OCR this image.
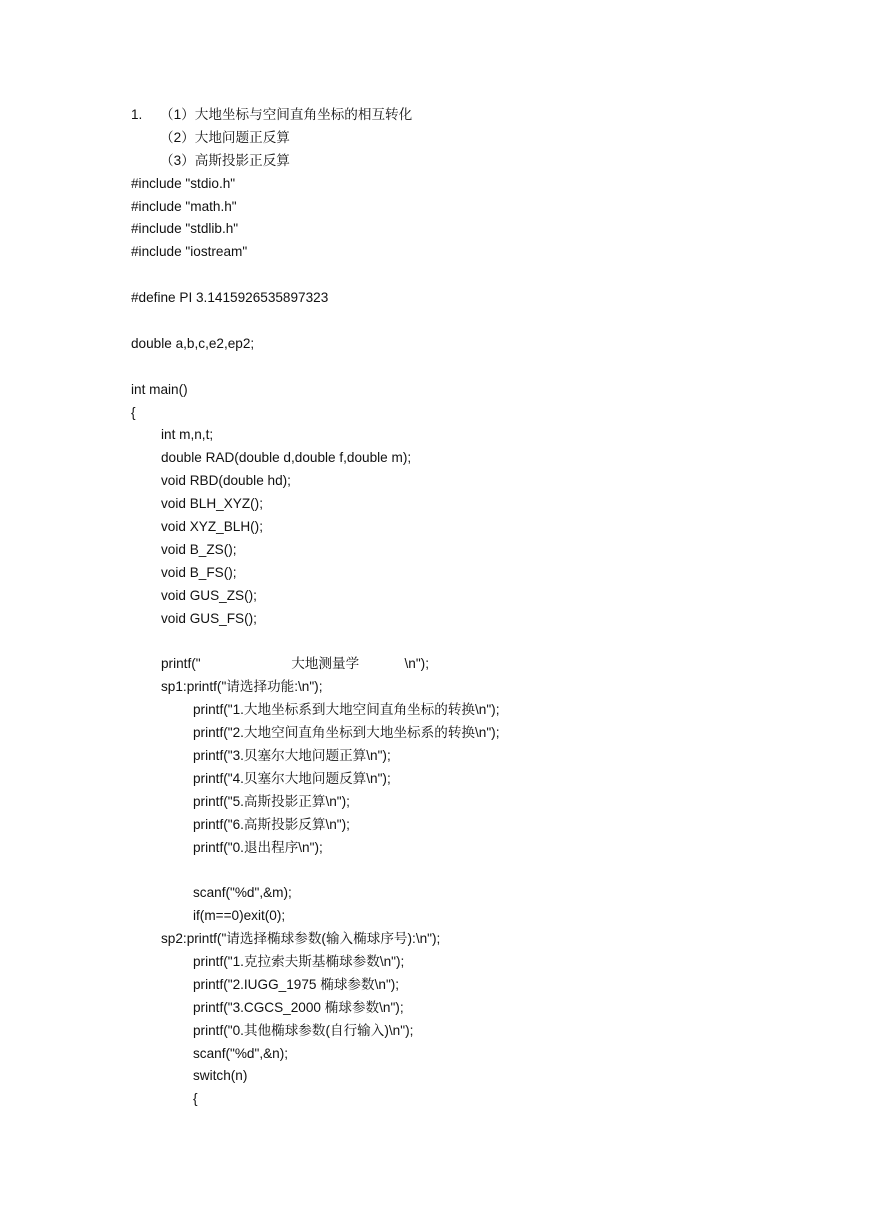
1.	（1）大地坐标与空间直角坐标的相互转化
（2）大地问题正反算
（3）高斯投影正反算
#include "stdio.h"
#include "math.h"
#include "stdlib.h"
#include "iostream"
#define PI 3.1415926535897323
double a,b,c,e2,ep2;
int main()
{
int m,n,t;
double RAD(double d,double f,double m);
void RBD(double hd);
void BLH_XYZ();
void XYZ_BLH();
void B_ZS();
void B_FS();
void GUS_ZS();
void GUS_FS();
printf("                        大地测量学            \n");
sp1:printf("请选择功能:\n");
printf("1.大地坐标系到大地空间直角坐标的转换\n");
printf("2.大地空间直角坐标到大地坐标系的转换\n");
printf("3.贝塞尔大地问题正算\n");
printf("4.贝塞尔大地问题反算\n");
printf("5.高斯投影正算\n");
printf("6.高斯投影反算\n");
printf("0.退出程序\n");
scanf("%d",&m);
if(m==0)exit(0);
sp2:printf("请选择椭球参数(输入椭球序号):\n");
printf("1.克拉索夫斯基椭球参数\n");
printf("2.IUGG_1975 椭球参数\n");
printf("3.CGCS_2000 椭球参数\n");
printf("0.其他椭球参数(自行输入)\n");
scanf("%d",&n);
switch(n)
{
